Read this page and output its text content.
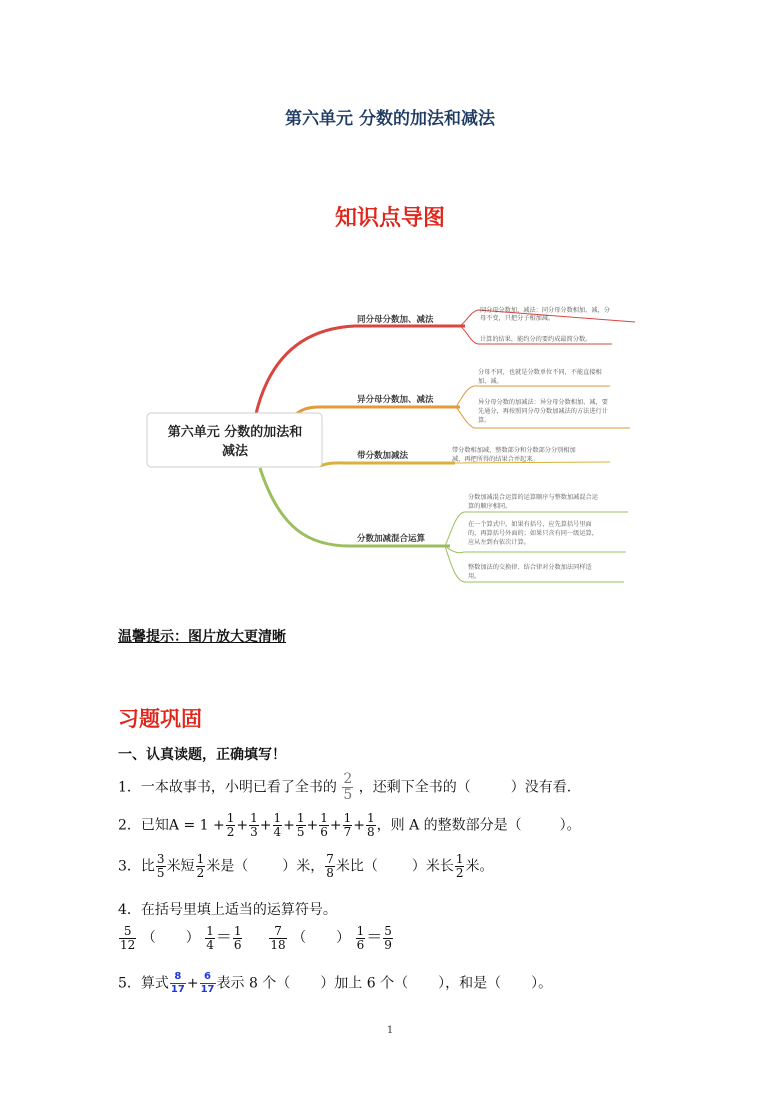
第六单元 分数的加法和减法
知识点导图
第六单元 分数的加法和
减法
同分母分数加、减法
异分母分数加、减法
带分数加减法
分数加减混合运算
同分母分数加、减法：同分母分数相加、减，分
母不变，只把分子相加减。
计算的结果，能约分的要约成最简分数。
分母不同，也就是分数单位不同，不能直接相
加、减。
异分母分数的加减法：异分母分数相加、减，要
先通分，再按照同分母分数加减法的方法进行计
算。
带分数相加减，整数部分和分数部分分别相加
减，再把所得的结果合并起来。
分数加减混合运算的运算顺序与整数加减混合运
算的顺序相同。
在一个算式中，如果有括号，应先算括号里面
的，再算括号外面的；如果只含有同一级运算，
应从左到右依次计算。
整数加法的交换律、结合律对分数加法同样适
用。
温馨提示：图片放大更清晰
习题巩固
一、认真读题，正确填写！
1．一本故事书，小明已看了全书的 $\frac{2}{5}$ ，还剩下全书的（	）没有看.
2．已知$A = 1 + \frac{1}{2} + \frac{1}{3} + \frac{1}{4} + \frac{1}{5} + \frac{1}{6} + \frac{1}{7} + \frac{1}{8}$ ，则 A 的整数部分是（	）。
3．比 $\frac{3}{5}$ 米短 $\frac{1}{2}$ 米是（ ）米， $\frac{7}{8}$ 米比（ ）米长 $\frac{1}{2}$ 米。
4．在括号里填上适当的运算符号。
$\frac{5}{12}$ （ ） $\frac{1}{4} = \frac{1}{6}$
$\frac{7}{18}$ （ ） $\frac{1}{6} = \frac{5}{9}$
5．算式 $\frac{8}{17} + \frac{6}{17}$ 表示 8 个（ ）加上 6 个（ ），和是（ ）。
1
